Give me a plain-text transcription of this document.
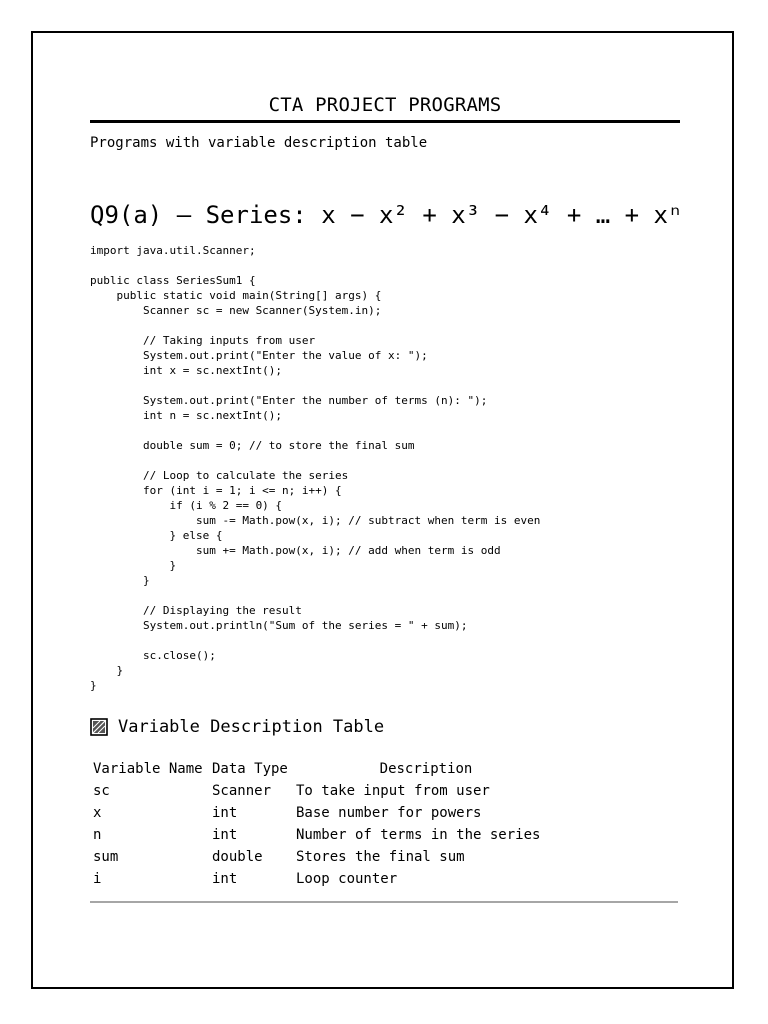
CTA PROJECT PROGRAMS
Programs with variable description table
Q9(a) – Series: x − x² + x³ − x⁴ + … + xⁿ
import java.util.Scanner;
public class SeriesSum1 {
public static void main(String[] args) {
Scanner sc = new Scanner(System.in);
// Taking inputs from user
System.out.print("Enter the value of x: ");
int x = sc.nextInt();
System.out.print("Enter the number of terms (n): ");
int n = sc.nextInt();
double sum = 0; // to store the final sum
// Loop to calculate the series
for (int i = 1; i <= n; i++) {
if (i % 2 == 0) {
sum -= Math.pow(x, i); // subtract when term is even
} else {
sum += Math.pow(x, i); // add when term is odd
}
}
// Displaying the result
System.out.println("Sum of the series = " + sum);
sc.close();
}
}
Variable Description Table
Variable Name	Data Type	Description
sc	Scanner	To take input from user
x	int	Base number for powers
n	int	Number of terms in the series
sum	double	Stores the final sum
i	int	Loop counter
